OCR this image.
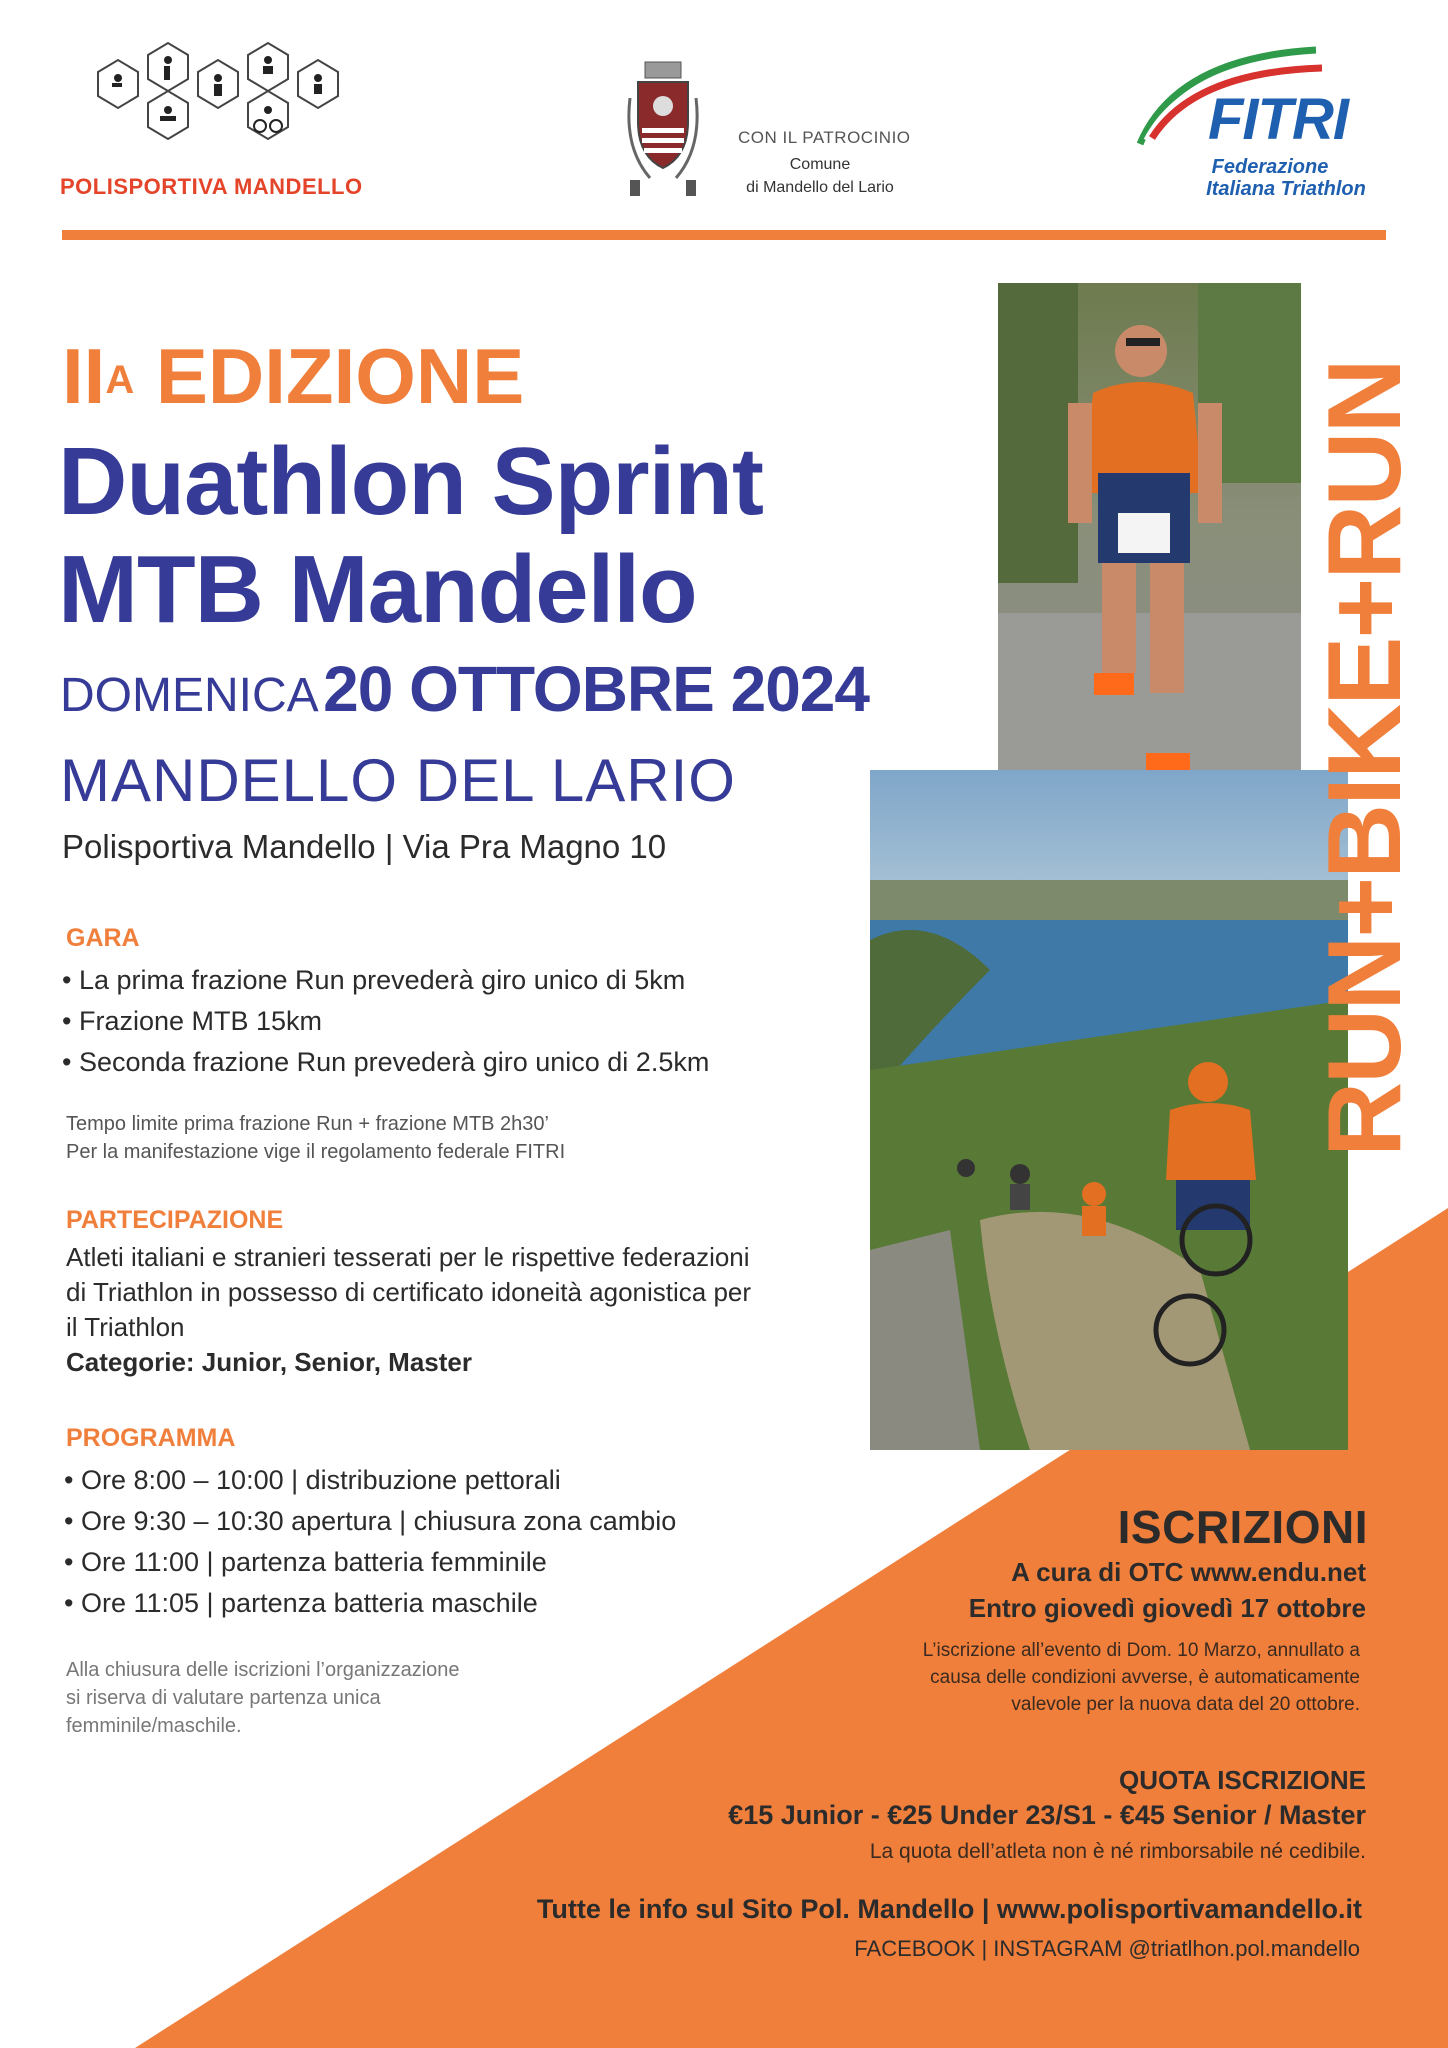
POLISPORTIVA MANDELLO
CON IL PATROCINIO
Comune
di Mandello del Lario
FITRI
Federazione
Italiana Triathlon
$II^A$ EDIZIONE
Duathlon Sprint
MTB Mandello
DOMENICA 20 OTTOBRE 2024
MANDELLO DEL LARIO
Polisportiva Mandello | Via Pra Magno 10	RUN+BIKE+RUN
GARA
• La prima frazione Run prevederà giro unico di 5km
• Frazione MTB 15km
• Seconda frazione Run prevederà giro unico di 2.5km
Tempo limite prima frazione Run + frazione MTB 2h30’
Per la manifestazione vige il regolamento federale FITRI
PARTECIPAZIONE
Atleti italiani e stranieri tesserati per le rispettive federazioni
di Triathlon in possesso di certificato idoneità agonistica per
il Triathlon
Categorie: Junior, Senior, Master
PROGRAMMA
• Ore 8:00 – 10:00 | distribuzione pettorali
• Ore 9:30 – 10:30 apertura | chiusura zona cambio
• Ore 11:00 | partenza batteria femminile
• Ore 11:05 | partenza batteria maschile
Alla chiusura delle iscrizioni l’organizzazione
si riserva di valutare partenza unica
femminile/maschile.
ISCRIZIONI
A cura di OTC www.endu.net
Entro giovedì giovedì 17 ottobre
L’iscrizione all’evento di Dom. 10 Marzo, annullato a
causa delle condizioni avverse, è automaticamente
valevole per la nuova data del 20 ottobre.
QUOTA ISCRIZIONE
€15 Junior - €25 Under 23/S1 - €45 Senior / Master
La quota dell’atleta non è né rimborsabile né cedibile.
Tutte le info sul Sito Pol. Mandello | www.polisportivamandello.it
FACEBOOK | INSTAGRAM @triatlhon.pol.mandello
